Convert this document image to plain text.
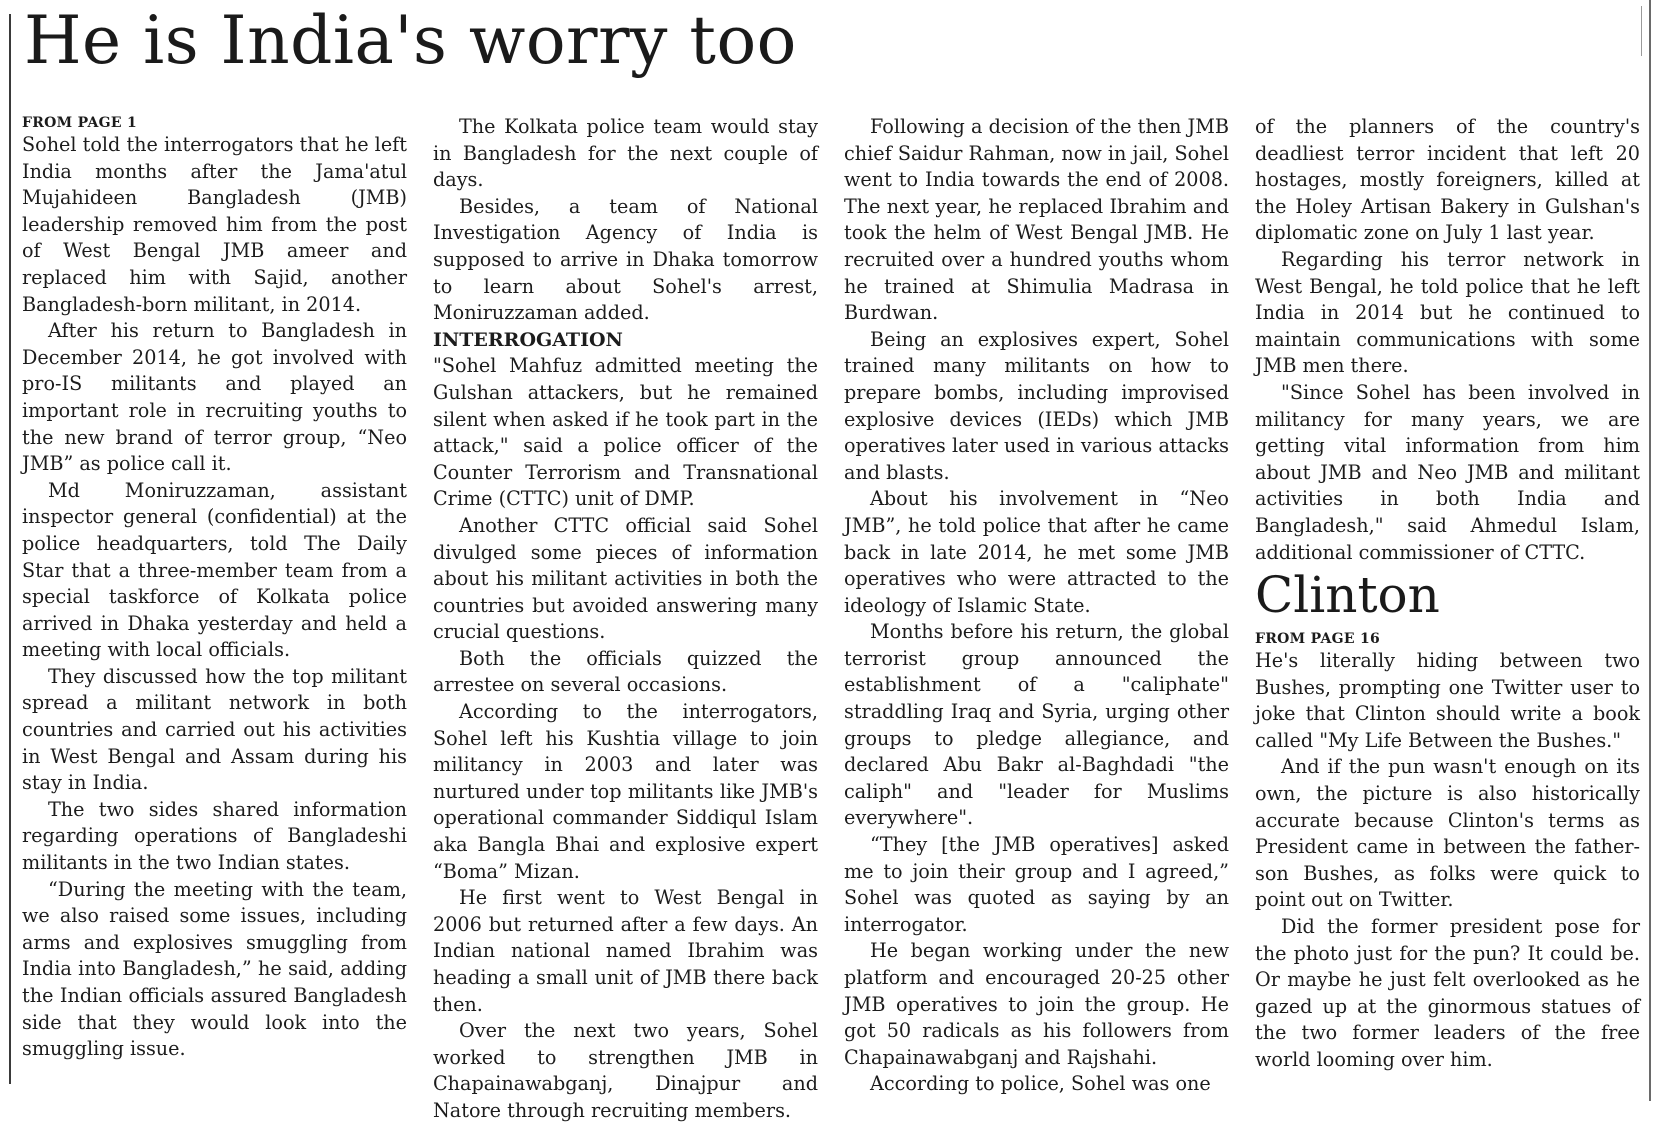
He is India's worry too
FROM PAGE 1

Sohel told the interrogators that he left India months after the Jama'atul Mujahideen Bangladesh (JMB) leadership removed him from the post of West Bengal JMB ameer and replaced him with Sajid, another Bangladesh-born militant, in 2014.

After his return to Bangladesh in December 2014, he got involved with pro-IS militants and played an important role in recruiting youths to the new brand of terror group, “Neo JMB” as police call it.

Md Moniruzzaman, assistant inspector general (confidential) at the police headquarters, told The Daily Star that a three-member team from a special taskforce of Kolkata police arrived in Dhaka yesterday and held a meeting with local officials.

They discussed how the top militant spread a militant network in both countries and carried out his activities in West Bengal and Assam during his stay in India.

The two sides shared information regarding operations of Bangladeshi militants in the two Indian states.

“During the meeting with the team, we also raised some issues, including arms and explosives smuggling from India into Bangladesh,” he said, adding the Indian officials assured Bangladesh side that they would look into the smuggling issue.

The Kolkata police team would stay in Bangladesh for the next couple of days.

Besides, a team of National Investigation Agency of India is supposed to arrive in Dhaka tomorrow to learn about Sohel's arrest, Moniruzzaman added.

INTERROGATION

"Sohel Mahfuz admitted meeting the Gulshan attackers, but he remained silent when asked if he took part in the attack," said a police officer of the Counter Terrorism and Transnational Crime (CTTC) unit of DMP.

Another CTTC official said Sohel divulged some pieces of information about his militant activities in both the countries but avoided answering many crucial questions.

Both the officials quizzed the arrestee on several occasions.

According to the interrogators, Sohel left his Kushtia village to join militancy in 2003 and later was nurtured under top militants like JMB's operational commander Siddiqul Islam aka Bangla Bhai and explosive expert “Boma” Mizan.

He first went to West Bengal in 2006 but returned after a few days. An Indian national named Ibrahim was heading a small unit of JMB there back then.

Over the next two years, Sohel worked to strengthen JMB in Chapainawabganj, Dinajpur and Natore through recruiting members.

Following a decision of the then JMB chief Saidur Rahman, now in jail, Sohel went to India towards the end of 2008. The next year, he replaced Ibrahim and took the helm of West Bengal JMB. He recruited over a hundred youths whom he trained at Shimulia Madrasa in Burdwan.

Being an explosives expert, Sohel trained many militants on how to prepare bombs, including improvised explosive devices (IEDs) which JMB operatives later used in various attacks and blasts.

About his involvement in “Neo JMB”, he told police that after he came back in late 2014, he met some JMB operatives who were attracted to the ideology of Islamic State.

Months before his return, the global terrorist group announced the establishment of a "caliphate" straddling Iraq and Syria, urging other groups to pledge allegiance, and declared Abu Bakr al-Baghdadi "the caliph" and "leader for Muslims everywhere".

“They [the JMB operatives] asked me to join their group and I agreed,” Sohel was quoted as saying by an interrogator.

He began working under the new platform and encouraged 20-25 other JMB operatives to join the group. He got 50 radicals as his followers from Chapainawabganj and Rajshahi.

According to police, Sohel was one

of the planners of the country's deadliest terror incident that left 20 hostages, mostly foreigners, killed at the Holey Artisan Bakery in Gulshan's diplomatic zone on July 1 last year.

Regarding his terror network in West Bengal, he told police that he left India in 2014 but he continued to maintain communications with some JMB men there.

"Since Sohel has been involved in militancy for many years, we are getting vital information from him about JMB and Neo JMB and militant activities in both India and Bangladesh," said Ahmedul Islam, additional commissioner of CTTC.

Clinton
FROM PAGE 16

He's literally hiding between two Bushes, prompting one Twitter user to joke that Clinton should write a book called "My Life Between the Bushes."

And if the pun wasn't enough on its own, the picture is also historically accurate because Clinton's terms as President came in between the father-son Bushes, as folks were quick to point out on Twitter.

Did the former president pose for the photo just for the pun? It could be. Or maybe he just felt overlooked as he gazed up at the ginormous statues of the two former leaders of the free world looming over him.
